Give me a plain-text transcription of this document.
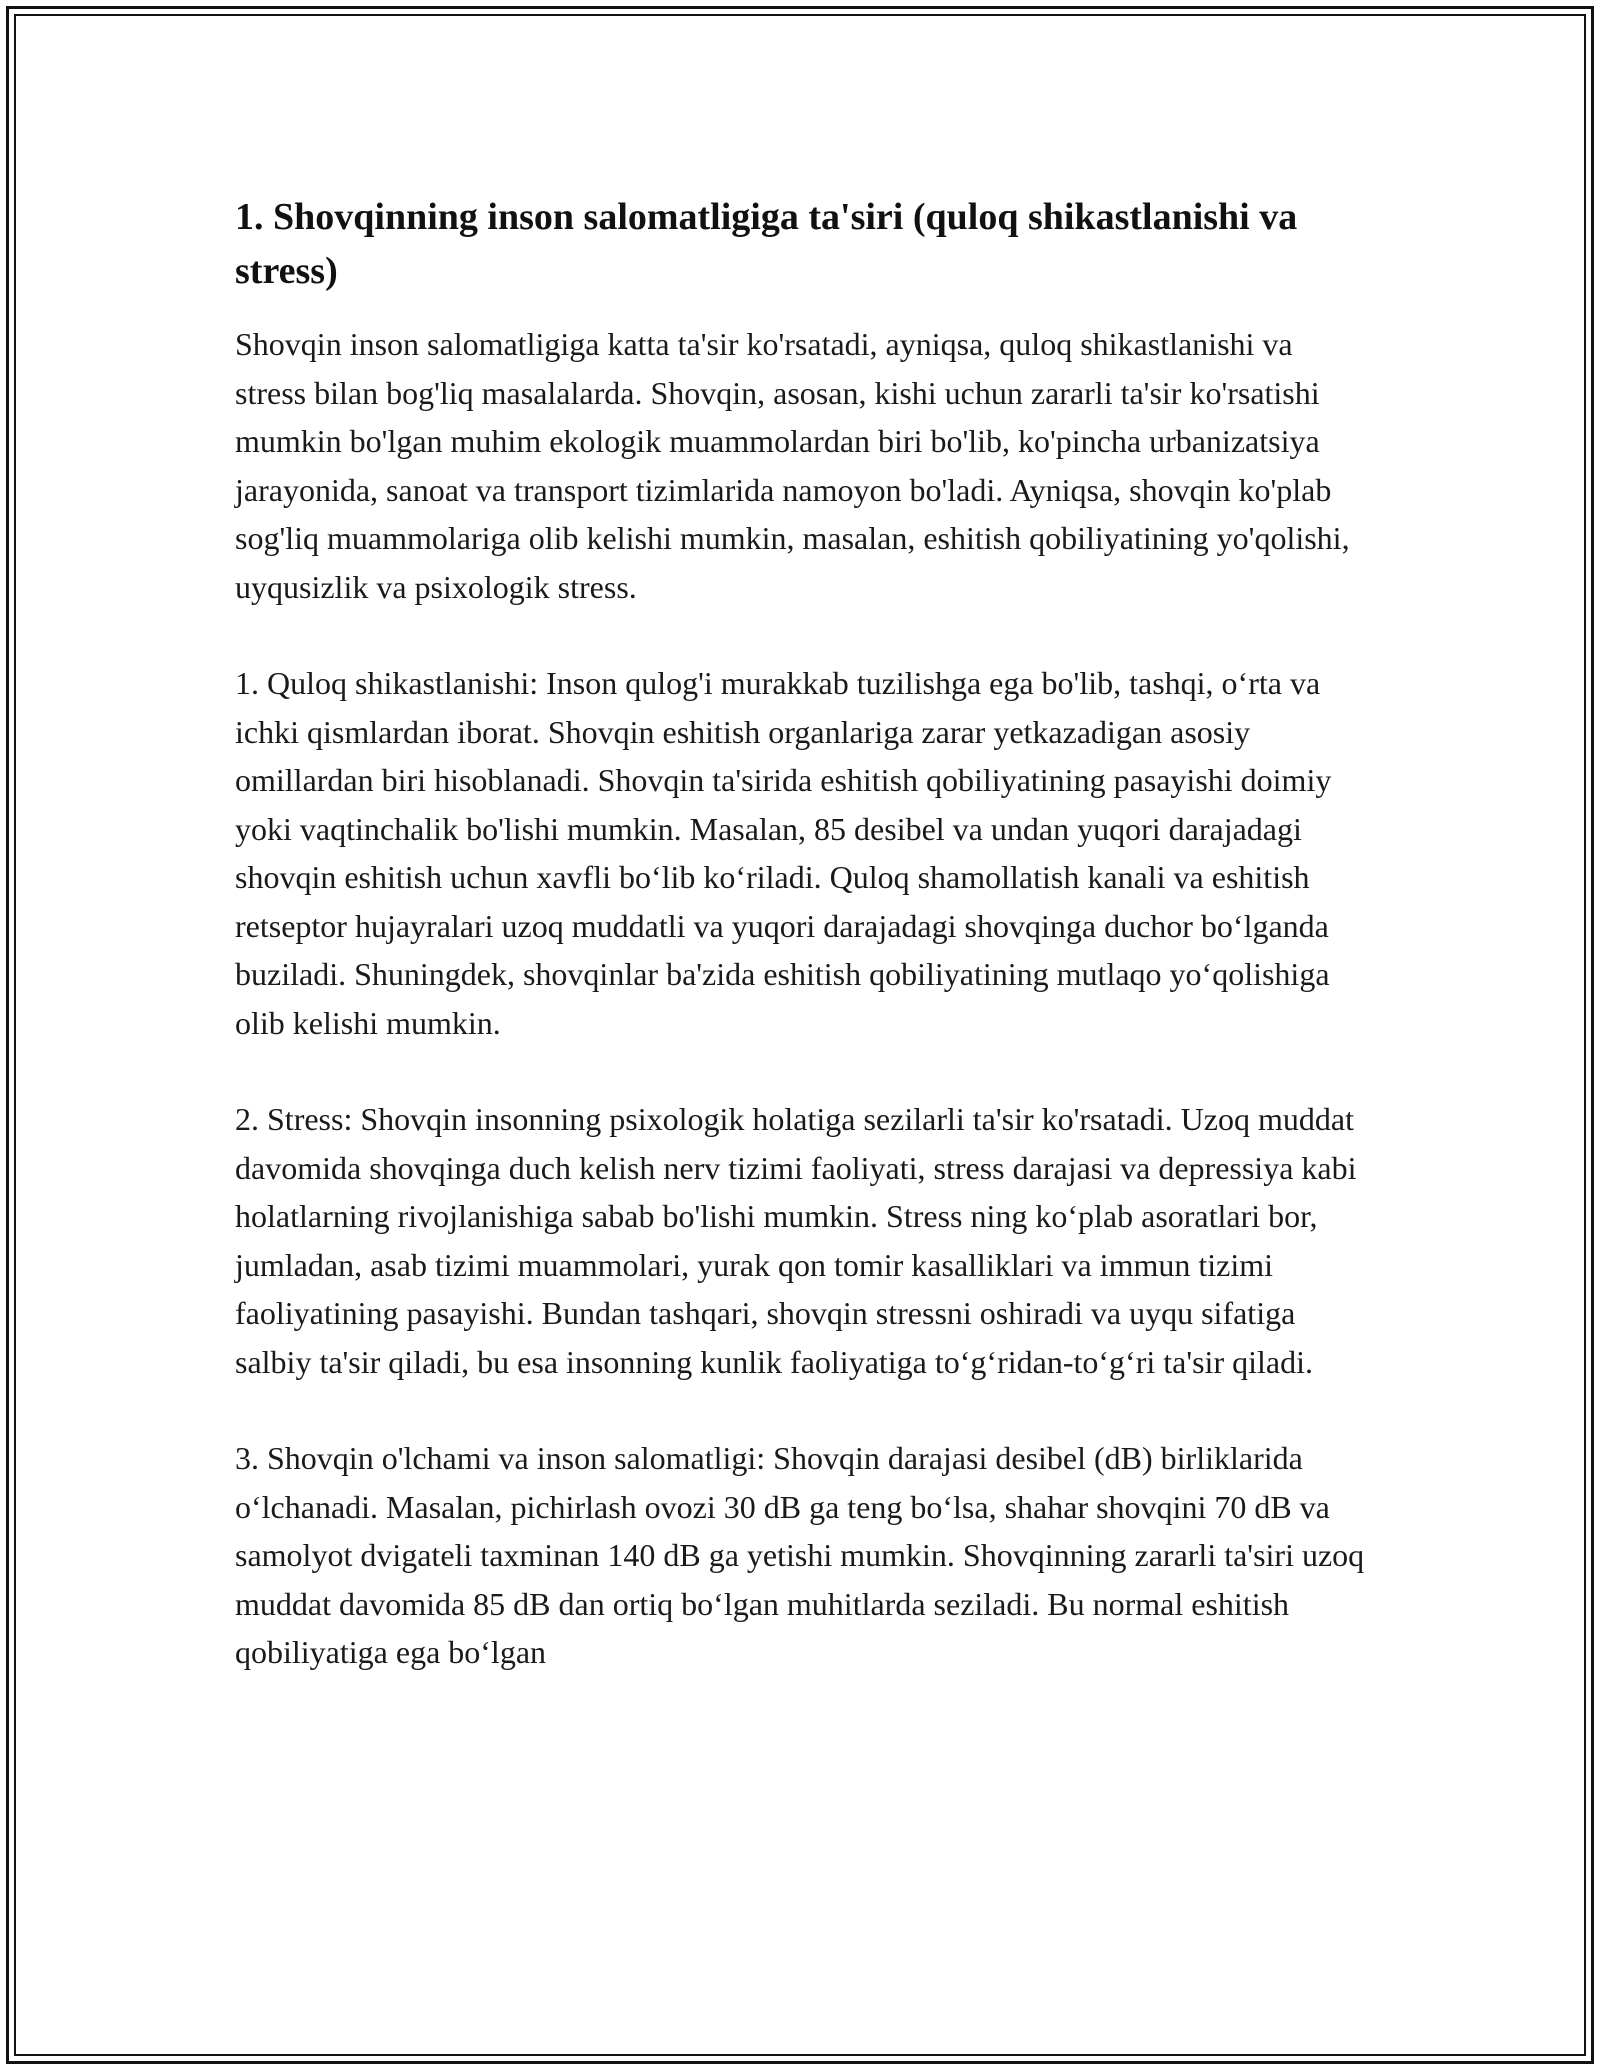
1. Shovqinning inson salomatligiga ta'siri (quloq shikastlanishi va stress)

Shovqin inson salomatligiga katta ta'sir ko'rsatadi, ayniqsa, quloq shikastlanishi va stress bilan bog'liq masalalarda. Shovqin, asosan, kishi uchun zararli ta'sir ko'rsatishi mumkin bo'lgan muhim ekologik muammolardan biri bo'lib, ko'pincha urbanizatsiya jarayonida, sanoat va transport tizimlarida namoyon bo'ladi. Ayniqsa, shovqin ko'plab sog'liq muammolariga olib kelishi mumkin, masalan, eshitish qobiliyatining yo'qolishi, uyqusizlik va psixologik stress.

1. Quloq shikastlanishi: Inson qulog'i murakkab tuzilishga ega bo'lib, tashqi, o‘rta va ichki qismlardan iborat. Shovqin eshitish organlariga zarar yetkazadigan asosiy omillardan biri hisoblanadi. Shovqin ta'sirida eshitish qobiliyatining pasayishi doimiy yoki vaqtinchalik bo'lishi mumkin. Masalan, 85 desibel va undan yuqori darajadagi shovqin eshitish uchun xavfli bo‘lib ko‘riladi. Quloq shamollatish kanali va eshitish retseptor hujayralari uzoq muddatli va yuqori darajadagi shovqinga duchor bo‘lganda buziladi. Shuningdek, shovqinlar ba'zida eshitish qobiliyatining mutlaqo yo‘qolishiga olib kelishi mumkin.

2. Stress: Shovqin insonning psixologik holatiga sezilarli ta'sir ko'rsatadi. Uzoq muddat davomida shovqinga duch kelish nerv tizimi faoliyati, stress darajasi va depressiya kabi holatlarning rivojlanishiga sabab bo'lishi mumkin. Stress ning ko‘plab asoratlari bor, jumladan, asab tizimi muammolari, yurak qon tomir kasalliklari va immun tizimi faoliyatining pasayishi. Bundan tashqari, shovqin stressni oshiradi va uyqu sifatiga salbiy ta'sir qiladi, bu esa insonning kunlik faoliyatiga to‘g‘ridan-to‘g‘ri ta'sir qiladi.

3. Shovqin o'lchami va inson salomatligi: Shovqin darajasi desibel (dB) birliklarida o‘lchanadi. Masalan, pichirlash ovozi 30 dB ga teng bo‘lsa, shahar shovqini 70 dB va samolyot dvigateli taxminan 140 dB ga yetishi mumkin. Shovqinning zararli ta'siri uzoq muddat davomida 85 dB dan ortiq bo‘lgan muhitlarda seziladi. Bu normal eshitish qobiliyatiga ega bo‘lgan
